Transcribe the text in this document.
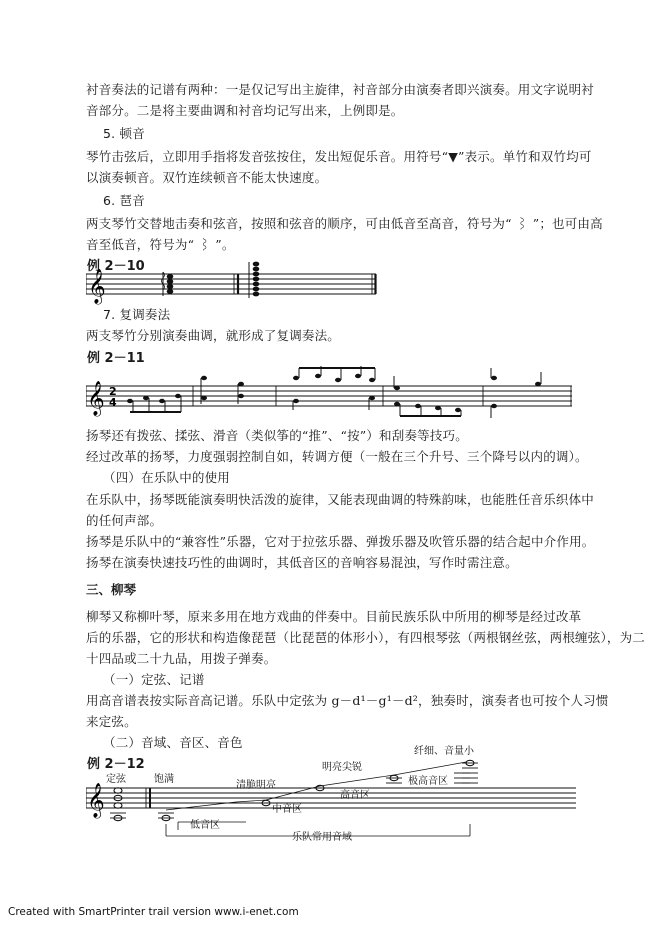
衬音奏法的记谱有两种：一是仅记写出主旋律，衬音部分由演奏者即兴演奏。用文字说明衬
音部分。二是将主要曲调和衬音均记写出来，上例即是。
5. 顿音
琴竹击弦后，立即用手指将发音弦按住，发出短促乐音。用符号“▼”表示。单竹和双竹均可
以演奏顿音。双竹连续顿音不能太快速度。
6. 琶音
两支琴竹交替地击奏和弦音，按照和弦音的顺序，可由低音至高音，符号为“ ⌇ ”；也可由高
音至低音，符号为“ ⌇ ”。
例 2－10
𝄞
7. 复调奏法
两支琴竹分别演奏曲调，就形成了复调奏法。
例 2－11
𝄞 2
4
扬琴还有拨弦、揉弦、滑音（类似筝的“推”、“按”）和刮奏等技巧。
经过改革的扬琴，力度强弱控制自如，转调方便（一般在三个升号、三个降号以内的调）。
（四）在乐队中的使用
在乐队中，扬琴既能演奏明快活泼的旋律，又能表现曲调的特殊韵味，也能胜任音乐织体中
的任何声部。
扬琴是乐队中的“兼容性”乐器，它对于拉弦乐器、弹拨乐器及吹管乐器的结合起中介作用。
扬琴在演奏快速技巧性的曲调时，其低音区的音响容易混浊，写作时需注意。
三、柳琴
柳琴又称柳叶琴，原来多用在地方戏曲的伴奏中。目前民族乐队中所用的柳琴是经过改革
后的乐器，它的形状和构造像琵琶（比琵琶的体形小），有四根琴弦（两根钢丝弦，两根缠弦），为二
十四品或二十九品，用拨子弹奏。
（一）定弦、记谱
用高音谱表按实际音高记谱。乐队中定弦为 g－d¹－g¹－d²，独奏时，演奏者也可按个人习惯
来定弦。
（二）音域、音区、音色
例 2－12
𝄞
定弦	饱满
清脆明亮
明亮尖锐
纤细、音量小
低音区
中音区
高音区
极高音区
乐队常用音域
Created with SmartPrinter trail version www.i-enet.com
